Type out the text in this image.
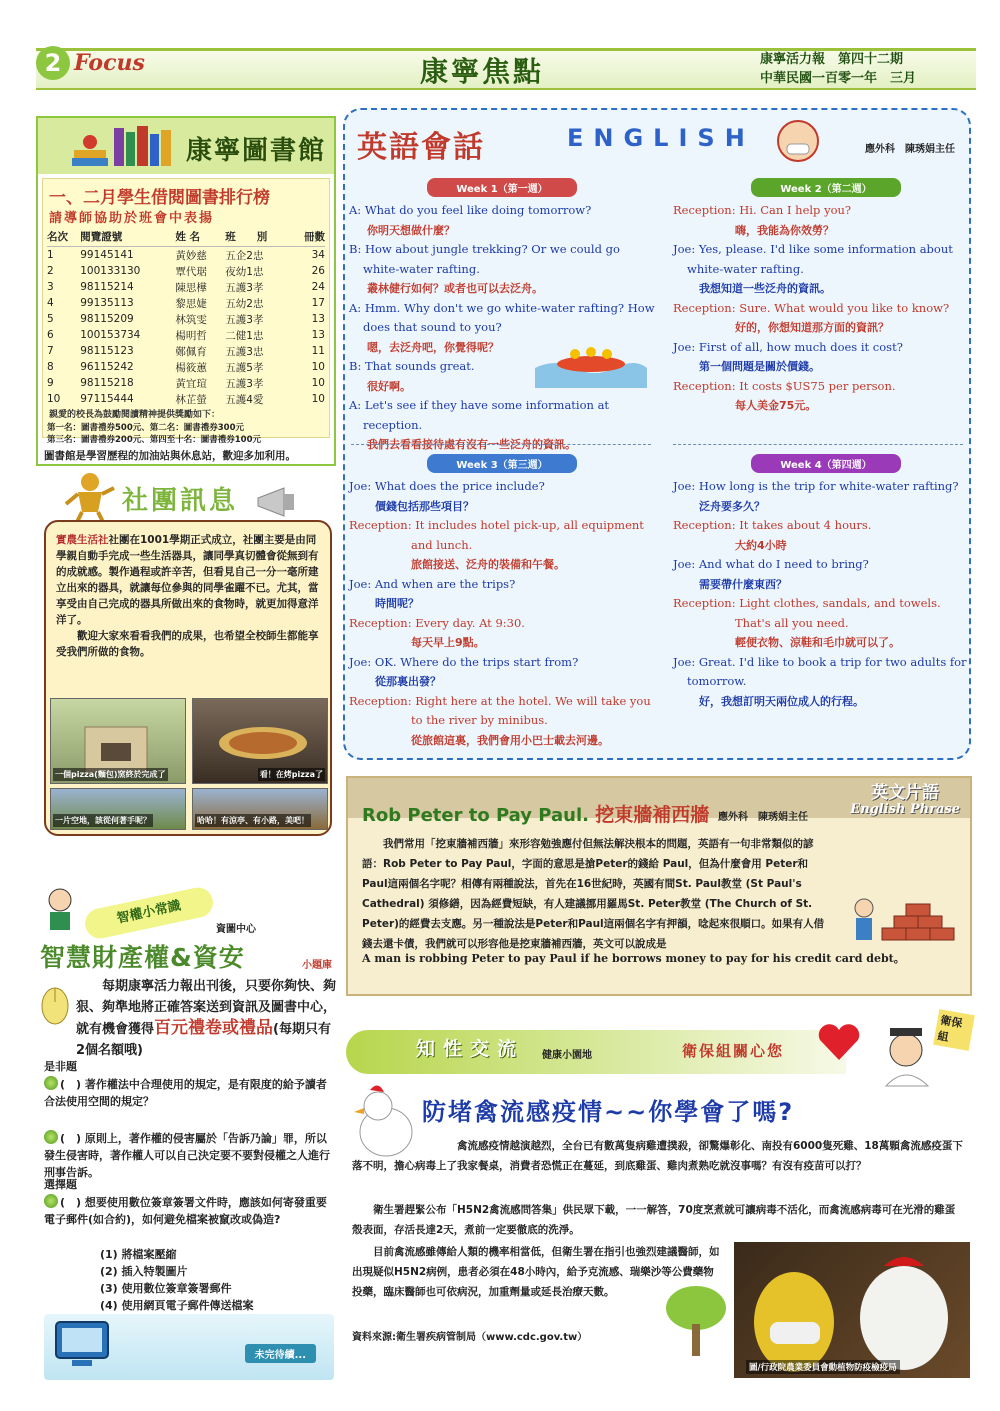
2 Focus	康寧焦點	康寧活力報　第四十二期
中華民國一百零一年　三月
康寧圖書館
一、二月學生借閱圖書排行榜
請導師協助於班會中表揚
名次	閱覽證號	姓 名	班　　別	冊數
1	99145141	黃妙慈	五企2忠	34
2	100133130	覃代琚	夜幼1忠	26
3	98115214	陳思樺	五護3孝	24
4	99135113	黎思婕	五幼2忠	17
5	98115209	林筑雯	五護3孝	13
6	100153734	楊明哲	二健1忠	13
7	98115123	鄭佩育	五護3忠	11
8	96115242	楊筱蕙	五護5孝	10
9	98115218	黃宜瑄	五護3孝	10
10	97115444	林芷螢	五護4愛	10
親愛的校長為鼓勵閱讀精神提供獎勵如下：
第一名：圖書禮券500元、第二名：圖書禮券300元
第三名：圖書禮券200元、第四至十名：圖書禮券100元
圖書館是學習歷程的加油站與休息站，歡迎多加利用。
社團訊息
實農生活社社團在1001學期正式成立，社團主要是由同學親自動手完成一些生活器具，讓同學真切體會從無到有的成就感。製作過程或許辛苦，但看見自己一分一毫所建立出來的器具，就讓每位參與的同學雀躍不已。尤其，當享受由自己完成的器具所做出來的食物時，就更加得意洋洋了。
歡迎大家來看看我們的成果，也希望全校師生都能享受我們所做的食物。
一個pizza(麵包)窯終於完成了	看！在烤pizza了
一片空地，該從何著手呢？	哈哈！有涼亭、有小路，美吧！
英語會話	ENGLISH	應外科　陳琇娟主任
Week 1（第一週）
A: What do you feel like doing tomorrow?
你明天想做什麼？
B: How about jungle trekking? Or we could go white-water rafting.
叢林健行如何？或者也可以去泛舟。
A: Hmm. Why don't we go white-water rafting? How does that sound to you?
嗯，去泛舟吧，你覺得呢？
B: That sounds great.
很好啊。
A: Let's see if they have some information at reception.
我們去看看接待處有沒有一些泛舟的資訊。
Week 2（第二週）
Reception: Hi. Can I help you?
嗨，我能為你效勞？
Joe: Yes, please. I'd like some information about white-water rafting.
我想知道一些泛舟的資訊。
Reception: Sure. What would you like to know?
好的，你想知道那方面的資訊？
Joe: First of all, how much does it cost?
第一個問題是關於價錢。
Reception: It costs $US75 per person.
每人美金75元。
Week 3（第三週）
Joe: What does the price include?
價錢包括那些項目？
Reception: It includes hotel pick-up, all equipment and lunch.
旅館接送、泛舟的裝備和午餐。
Joe: And when are the trips?
時間呢？
Reception: Every day. At 9:30.
每天早上9點。
Joe: OK. Where do the trips start from?
從那裏出發？
Reception: Right here at the hotel. We will take you to the river by minibus.
從旅館這裏，我們會用小巴士載去河邊。
Week 4（第四週）
Joe: How long is the trip for white-water rafting?
泛舟要多久？
Reception: It takes about 4 hours.
大約4小時
Joe: And what do I need to bring?
需要帶什麼東西？
Reception: Light clothes, sandals, and towels. That's all you need.
輕便衣物、涼鞋和毛巾就可以了。
Joe: Great. I'd like to book a trip for two adults for tomorrow.
好，我想訂明天兩位成人的行程。
Rob Peter to Pay Paul. 挖東牆補西牆 應外科　陳琇娟主任
英文片語
English Phrase
我們常用「挖東牆補西牆」來形容勉強應付但無法解決根本的問題，英語有一句非常類似的諺語：Rob Peter to Pay Paul，字面的意思是搶Peter的錢給 Paul，但為什麼會用 Peter和Paul這兩個名字呢？相傳有兩種說法，首先在16世紀時，英國有間St. Paul教堂 (St Paul's Cathedral) 須修繕，因為經費短缺，有人建議挪用羅馬St. Peter教堂 (The Church of St. Peter)的經費去支應。另一種說法是Peter和Paul這兩個名字有押韻，唸起來很順口。如果有人借錢去還卡債，我們就可以形容他是挖東牆補西牆，英文可以說成是
A man is robbing Peter to pay Paul if he borrows money to pay for his credit card debt。
智權小常識
資圖中心
智慧財產權&資安	小題庫
每期康寧活力報出刊後，只要你夠快、夠狠、夠準地將正確答案送到資訊及圖書中心，就有機會獲得百元禮卷或禮品(每期只有2個名額哦)
是非題
(　) 著作權法中合理使用的規定，是有限度的給予讀者合法使用空間的規定？
(　) 原則上，著作權的侵害屬於「告訴乃論」罪，所以發生侵害時，著作權人可以自己決定要不要對侵權之人進行刑事告訴。
選擇題
(　) 想要使用數位簽章簽署文件時，應該如何寄發重要電子郵件(如合約)，如何避免檔案被竄改或偽造?
(1) 將檔案壓縮
(2) 插入特製圖片
(3) 使用數位簽章簽署郵件
(4) 使用網頁電子郵件傳送檔案
未完待續...
知性交流 健康小園地	衛保組關心您
衛保組
防堵禽流感疫情~~你學會了嗎?
禽流感疫情越演越烈，全台已有數萬隻病雞遭撲殺，卻驚爆彰化、南投有6000隻死雞、18萬顆禽流感疫蛋下落不明，擔心病毒上了我家餐桌，消費者恐慌正在蔓延，到底雞蛋、雞肉煮熟吃就沒事嗎？有沒有疫苗可以打？
衛生署趕緊公布「H5N2禽流感問答集」供民眾下載，一一解答，70度烹煮就可讓病毒不活化，而禽流感病毒可在光滑的雞蛋殼表面，存活長達2天，煮前一定要徹底的洗淨。
目前禽流感雖傳給人類的機率相當低，但衛生署在指引也強烈建議醫師，如出現疑似H5N2病例，患者必須在48小時內，給予克流感、瑞樂沙等公費藥物投藥，臨床醫師也可依病況，加重劑量或延長治療天數。
資料來源:衛生署疾病管制局（www.cdc.gov.tw）
圖/行政院農業委員會動植物防疫檢疫局
